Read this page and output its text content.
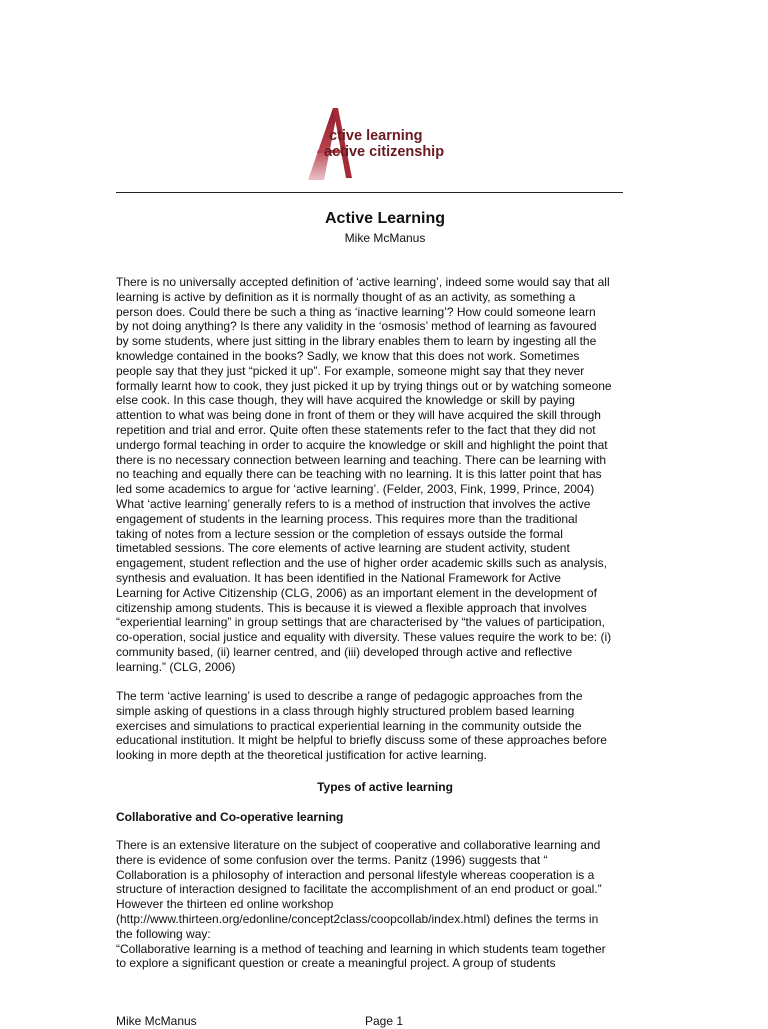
ctive learning
active citizenship
Active Learning
Mike McManus
There is no universally accepted definition of ‘active learning’, indeed some would say that all
learning is active by definition as it is normally thought of as an activity, as something a
person does. Could there be such a thing as ‘inactive learning’? How could someone learn
by not doing anything? Is there any validity in the ‘osmosis’ method of learning as favoured
by some students, where just sitting in the library enables them to learn by ingesting all the
knowledge contained in the books? Sadly, we know that this does not work. Sometimes
people say that they just “picked it up”. For example, someone might say that they never
formally learnt how to cook, they just picked it up by trying things out or by watching someone
else cook. In this case though, they will have acquired the knowledge or skill by paying
attention to what was being done in front of them or they will have acquired the skill through
repetition and trial and error. Quite often these statements refer to the fact that they did not
undergo formal teaching in order to acquire the knowledge or skill and highlight the point that
there is no necessary connection between learning and teaching. There can be learning with
no teaching and equally there can be teaching with no learning. It is this latter point that has
led some academics to argue for ‘active learning’. (Felder, 2003, Fink, 1999, Prince, 2004)
What ‘active learning’ generally refers to is a method of instruction that involves the active
engagement of students in the learning process. This requires more than the traditional
taking of notes from a lecture session or the completion of essays outside the formal
timetabled sessions. The core elements of active learning are student activity, student
engagement, student reflection and the use of higher order academic skills such as analysis,
synthesis and evaluation. It has been identified in the National Framework for Active
Learning for Active Citizenship (CLG, 2006) as an important element in the development of
citizenship among students. This is because it is viewed a flexible approach that involves
“experiential learning” in group settings that are characterised by “the values of participation,
co-operation, social justice and equality with diversity. These values require the work to be: (i)
community based, (ii) learner centred, and (iii) developed through active and reflective
learning.” (CLG, 2006)
The term ‘active learning’ is used to describe a range of pedagogic approaches from the
simple asking of questions in a class through highly structured problem based learning
exercises and simulations to practical experiential learning in the community outside the
educational institution. It might be helpful to briefly discuss some of these approaches before
looking in more depth at the theoretical justification for active learning.
Types of active learning
Collaborative and Co-operative learning
There is an extensive literature on the subject of cooperative and collaborative learning and
there is evidence of some confusion over the terms. Panitz (1996) suggests that “
Collaboration is a philosophy of interaction and personal lifestyle whereas cooperation is a
structure of interaction designed to facilitate the accomplishment of an end product or goal.”
However the thirteen ed online workshop
(http://www.thirteen.org/edonline/concept2class/coopcollab/index.html) defines the terms in
the following way:
“Collaborative learning is a method of teaching and learning in which students team together
to explore a significant question or create a meaningful project. A group of students
Mike McManus	Page 1
